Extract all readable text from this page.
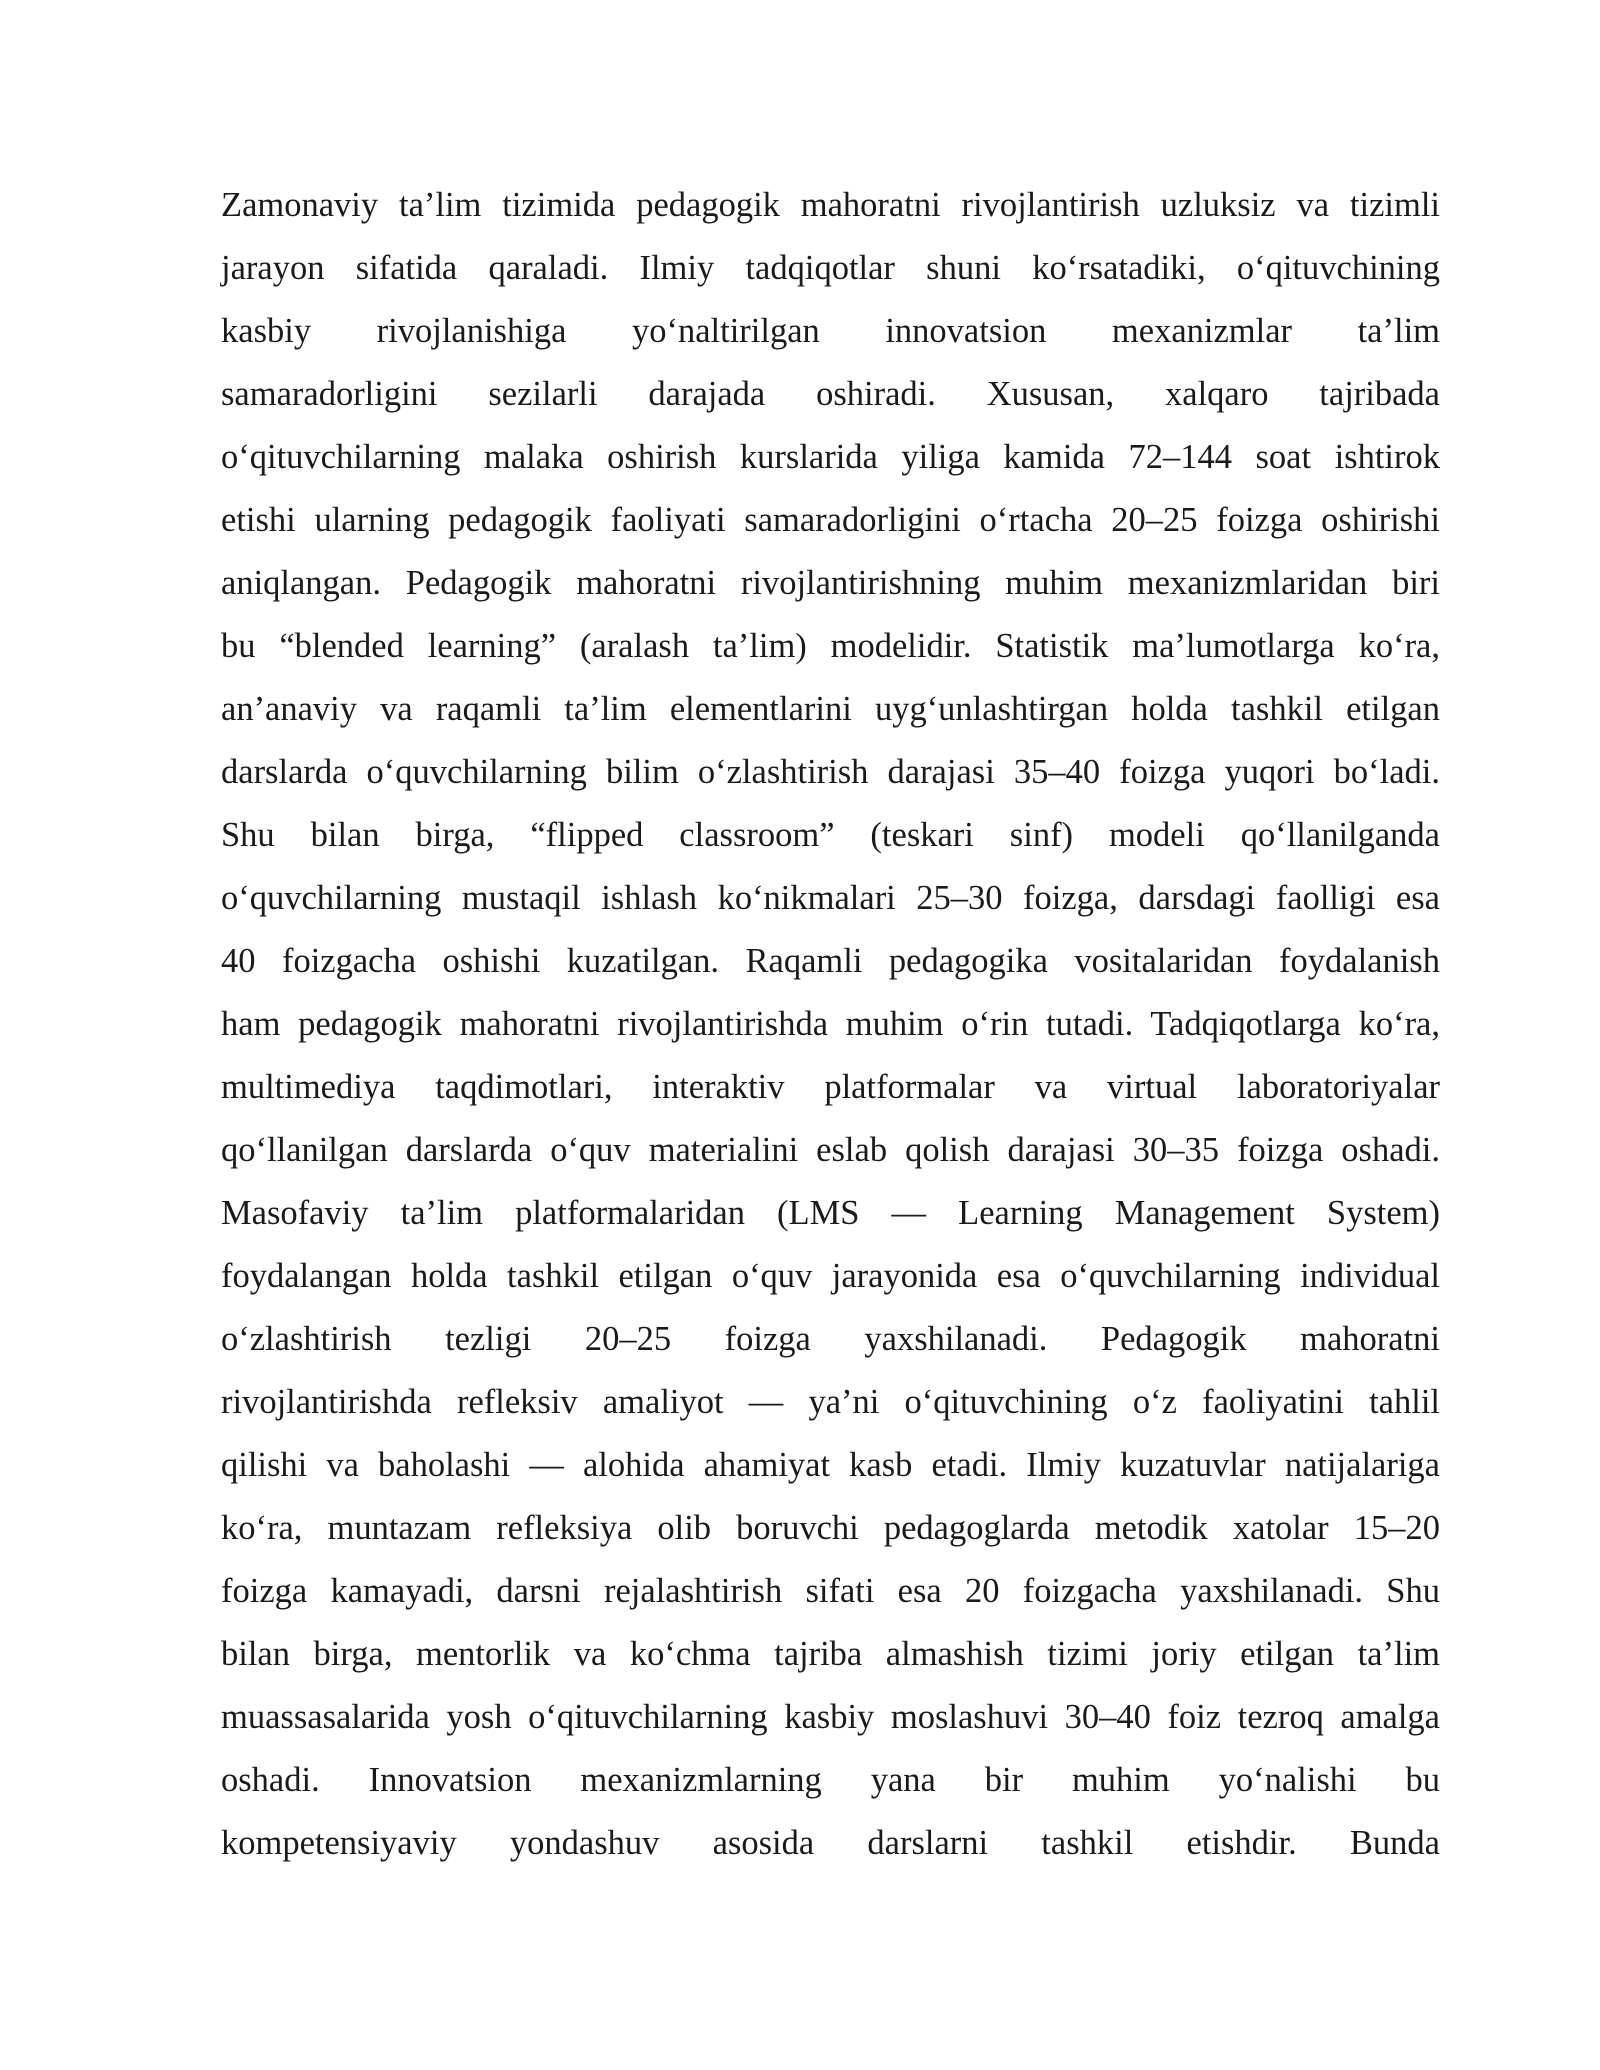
Zamonaviy ta’lim tizimida pedagogik mahoratni rivojlantirish uzluksiz va tizimli
jarayon sifatida qaraladi. Ilmiy tadqiqotlar shuni ko‘rsatadiki, o‘qituvchining
kasbiy rivojlanishiga yo‘naltirilgan innovatsion mexanizmlar ta’lim
samaradorligini sezilarli darajada oshiradi. Xususan, xalqaro tajribada
o‘qituvchilarning malaka oshirish kurslarida yiliga kamida 72–144 soat ishtirok
etishi ularning pedagogik faoliyati samaradorligini o‘rtacha 20–25 foizga oshirishi
aniqlangan. Pedagogik mahoratni rivojlantirishning muhim mexanizmlaridan biri
bu “blended learning” (aralash ta’lim) modelidir. Statistik ma’lumotlarga ko‘ra,
an’anaviy va raqamli ta’lim elementlarini uyg‘unlashtirgan holda tashkil etilgan
darslarda o‘quvchilarning bilim o‘zlashtirish darajasi 35–40 foizga yuqori bo‘ladi.
Shu bilan birga, “flipped classroom” (teskari sinf) modeli qo‘llanilganda
o‘quvchilarning mustaqil ishlash ko‘nikmalari 25–30 foizga, darsdagi faolligi esa
40 foizgacha oshishi kuzatilgan. Raqamli pedagogika vositalaridan foydalanish
ham pedagogik mahoratni rivojlantirishda muhim o‘rin tutadi. Tadqiqotlarga ko‘ra,
multimediya taqdimotlari, interaktiv platformalar va virtual laboratoriyalar
qo‘llanilgan darslarda o‘quv materialini eslab qolish darajasi 30–35 foizga oshadi.
Masofaviy ta’lim platformalaridan (LMS — Learning Management System)
foydalangan holda tashkil etilgan o‘quv jarayonida esa o‘quvchilarning individual
o‘zlashtirish tezligi 20–25 foizga yaxshilanadi. Pedagogik mahoratni
rivojlantirishda refleksiv amaliyot — ya’ni o‘qituvchining o‘z faoliyatini tahlil
qilishi va baholashi — alohida ahamiyat kasb etadi. Ilmiy kuzatuvlar natijalariga
ko‘ra, muntazam refleksiya olib boruvchi pedagoglarda metodik xatolar 15–20
foizga kamayadi, darsni rejalashtirish sifati esa 20 foizgacha yaxshilanadi. Shu
bilan birga, mentorlik va ko‘chma tajriba almashish tizimi joriy etilgan ta’lim
muassasalarida yosh o‘qituvchilarning kasbiy moslashuvi 30–40 foiz tezroq amalga
oshadi. Innovatsion mexanizmlarning yana bir muhim yo‘nalishi bu
kompetensiyaviy yondashuv asosida darslarni tashkil etishdir. Bunda
